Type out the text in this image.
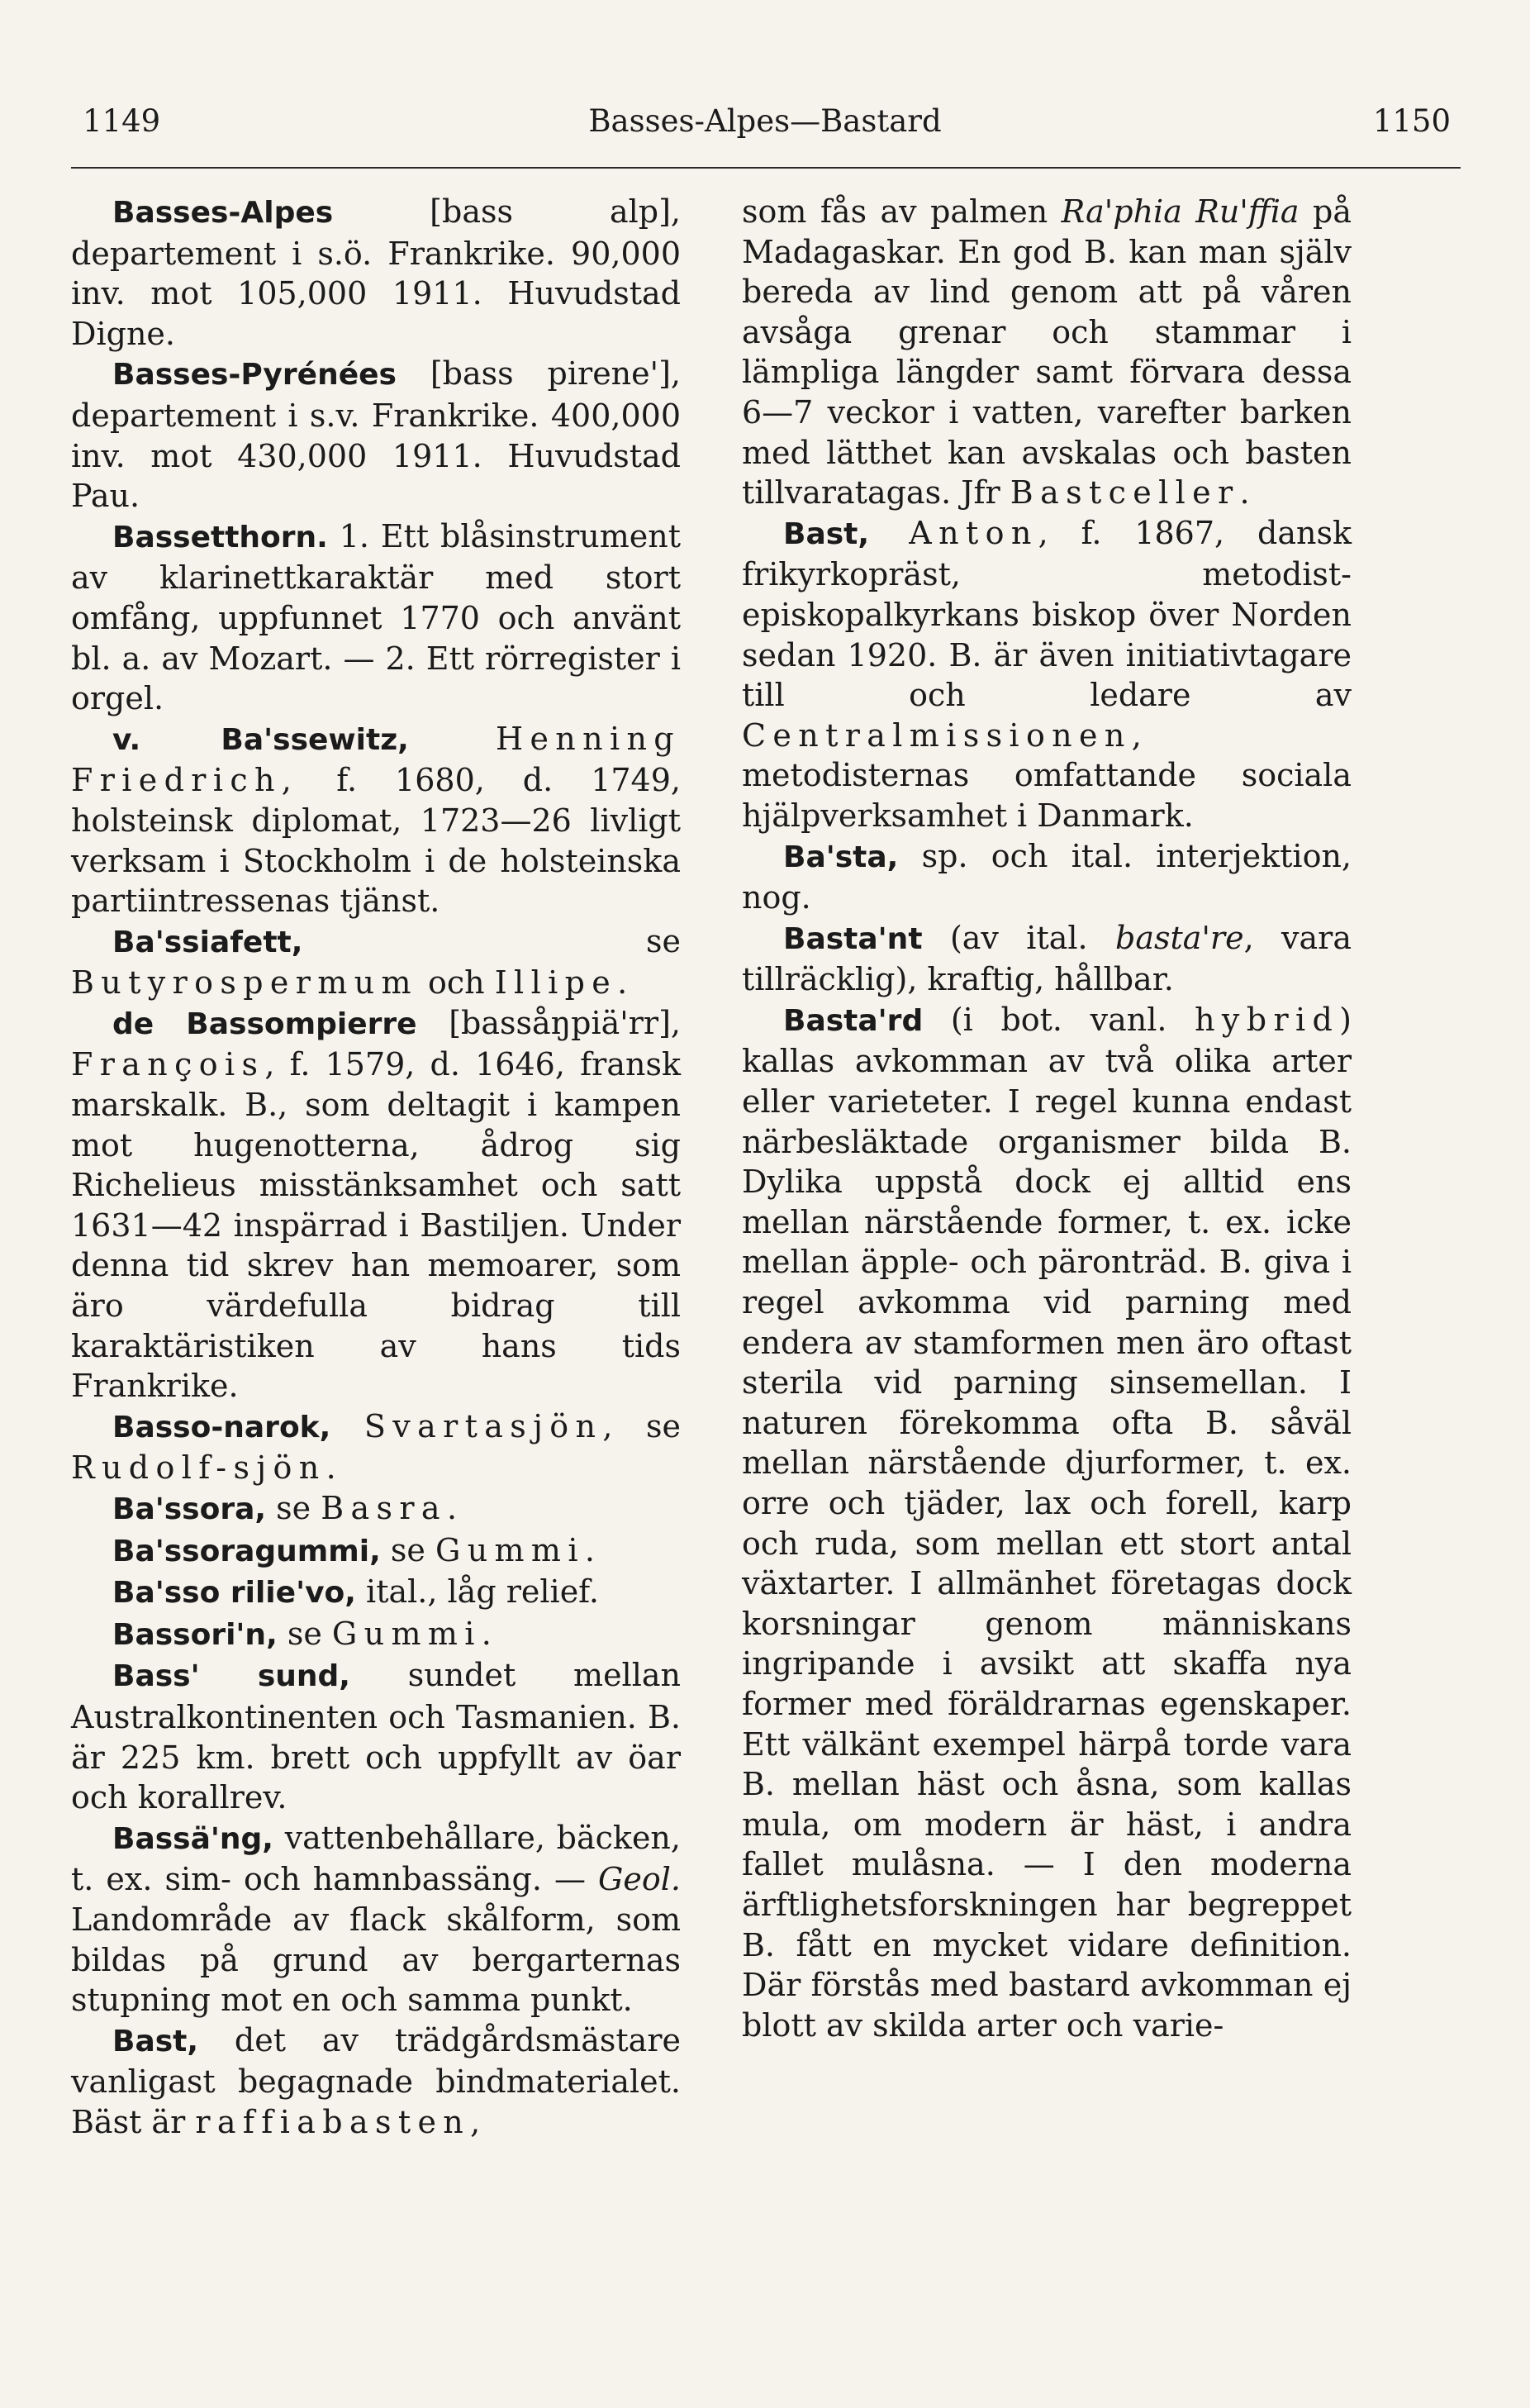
1149	Basses-Alpes—Bastard	1150

Basses-Alpes [bass alp], departement i s.ö. Frankrike. 90,000 inv. mot 105,000 1911. Huvudstad Digne.

Basses-Pyrénées [bass pirene'], departement i s.v. Frankrike. 400,000 inv. mot 430,000 1911. Huvudstad Pau.

Bassetthorn. 1. Ett blåsinstrument av klarinettkaraktär med stort omfång, uppfunnet 1770 och använt bl. a. av Mozart. — 2. Ett rörregister i orgel.

v. Ba'ssewitz, Henning Friedrich, f. 1680, d. 1749, holsteinsk diplomat, 1723—26 livligt verksam i Stockholm i de holsteinska partiintressenas tjänst.

Ba'ssiafett, se Butyrospermum och Illipe.

de Bassompierre [bassåŋpiä'rr], François, f. 1579, d. 1646, fransk marskalk. B., som deltagit i kampen mot hugenotterna, ådrog sig Richelieus misstänksamhet och satt 1631—42 inspärrad i Bastiljen. Under denna tid skrev han memoarer, som äro värdefulla bidrag till karaktäristiken av hans tids Frankrike.

Basso-narok, Svartasjön, se Rudolf-sjön.

Ba'ssora, se Basra.

Ba'ssoragummi, se Gummi.

Ba'sso rilie'vo, ital., låg relief.

Bassori'n, se Gummi.

Bass' sund, sundet mellan Australkontinenten och Tasmanien. B. är 225 km. brett och uppfyllt av öar och korallrev.

Bassä'ng, vattenbehållare, bäcken, t. ex. sim- och hamnbassäng. — Geol. Landområde av flack skålform, som bildas på grund av bergarternas stupning mot en och samma punkt.

Bast, det av trädgårdsmästare vanligast begagnade bindmaterialet. Bäst är raffiabasten,

som fås av palmen Ra'phia Ru'ffia på Madagaskar. En god B. kan man själv bereda av lind genom att på våren avsåga grenar och stammar i lämpliga längder samt förvara dessa 6—7 veckor i vatten, varefter barken med lätthet kan avskalas och basten tillvaratagas. Jfr Bastceller.

Bast, Anton, f. 1867, dansk frikyrkopräst, metodist-episkopalkyrkans biskop över Norden sedan 1920. B. är även initiativtagare till och ledare av Centralmissionen, metodisternas omfattande sociala hjälpverksamhet i Danmark.

Ba'sta, sp. och ital. interjektion, nog.

Basta'nt (av ital. basta're, vara tillräcklig), kraftig, hållbar.

Basta'rd (i bot. vanl. hybrid) kallas avkomman av två olika arter eller varieteter. I regel kunna endast närbesläktade organismer bilda B. Dylika uppstå dock ej alltid ens mellan närstående former, t. ex. icke mellan äpple- och päronträd. B. giva i regel avkomma vid parning med endera av stamformen men äro oftast sterila vid parning sinsemellan. I naturen förekomma ofta B. såväl mellan närstående djurformer, t. ex. orre och tjäder, lax och forell, karp och ruda, som mellan ett stort antal växtarter. I allmänhet företagas dock korsningar genom människans ingripande i avsikt att skaffa nya former med föräldrarnas egenskaper. Ett välkänt exempel härpå torde vara B. mellan häst och åsna, som kallas mula, om modern är häst, i andra fallet mulåsna. — I den moderna ärftlighetsforskningen har begreppet B. fått en mycket vidare definition. Där förstås med bastard avkomman ej blott av skilda arter och varie-
